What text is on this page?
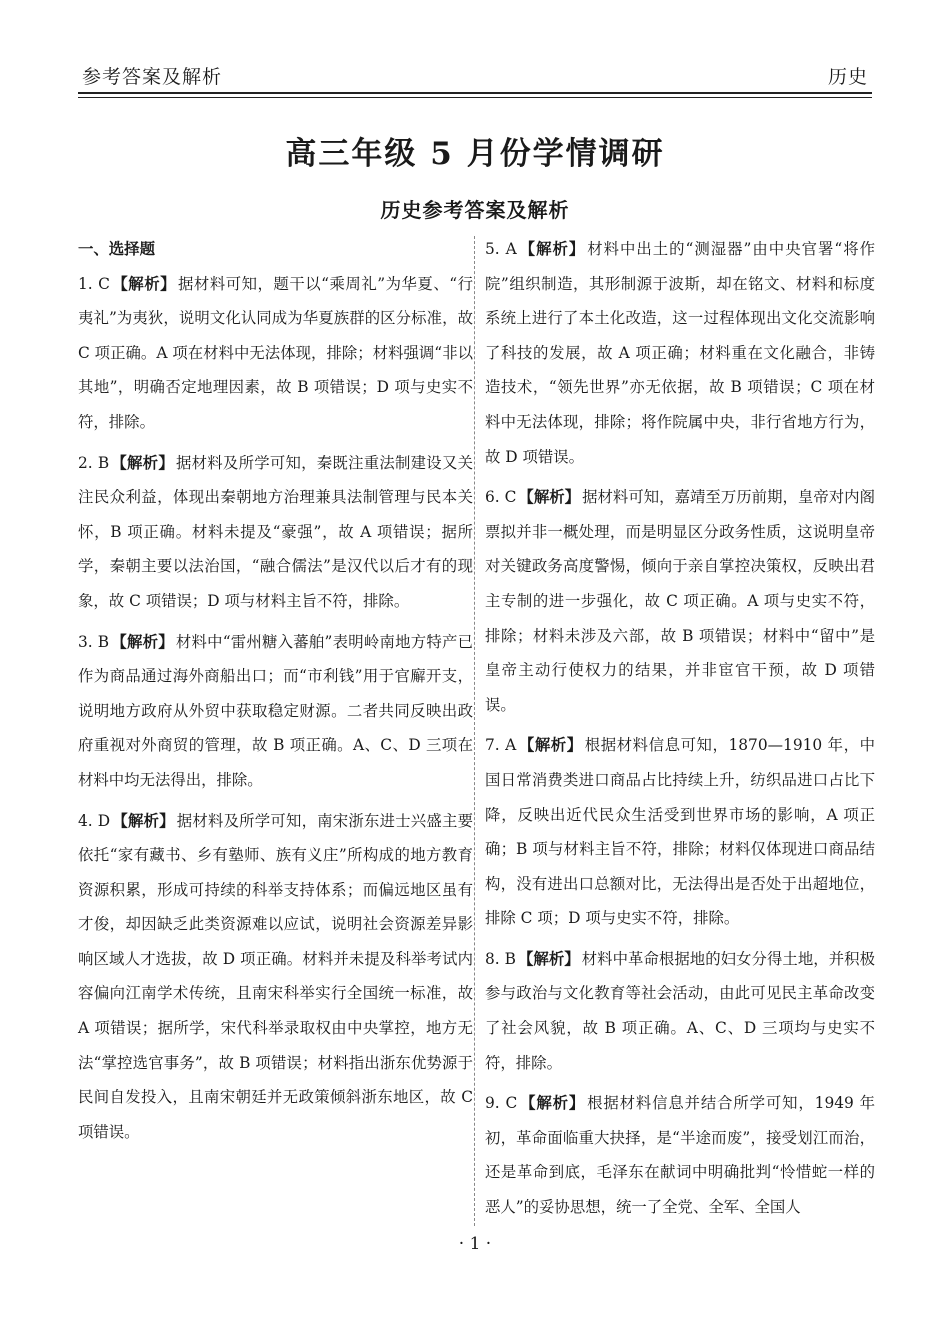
参考答案及解析	历史
高三年级 5 月份学情调研
历史参考答案及解析
一、选择题

1. C 【解析】 据材料可知，题干以“乘周礼”为华夏、“行夷礼”为夷狄，说明文化认同成为华夏族群的区分标准，故 C 项正确。A 项在材料中无法体现，排除；材料强调“非以其地”，明确否定地理因素，故 B 项错误；D 项与史实不符，排除。

2. B 【解析】 据材料及所学可知，秦既注重法制建设又关注民众利益，体现出秦朝地方治理兼具法制管理与民本关怀，B 项正确。材料未提及“豪强”，故 A 项错误；据所学，秦朝主要以法治国，“融合儒法”是汉代以后才有的现象，故 C 项错误；D 项与材料主旨不符，排除。

3. B 【解析】 材料中“雷州糖入蕃舶”表明岭南地方特产已作为商品通过海外商船出口；而“市利钱”用于官廨开支，说明地方政府从外贸中获取稳定财源。二者共同反映出政府重视对外商贸的管理，故 B 项正确。A、C、D 三项在材料中均无法得出，排除。

4. D 【解析】 据材料及所学可知，南宋浙东进士兴盛主要依托“家有藏书、乡有塾师、族有义庄”所构成的地方教育资源积累，形成可持续的科举支持体系；而偏远地区虽有才俊，却因缺乏此类资源难以应试，说明社会资源差异影响区域人才选拔，故 D 项正确。材料并未提及科举考试内容偏向江南学术传统，且南宋科举实行全国统一标准，故 A 项错误；据所学，宋代科举录取权由中央掌控，地方无法“掌控选官事务”，故 B 项错误；材料指出浙东优势源于民间自发投入，且南宋朝廷并无政策倾斜浙东地区，故 C 项错误。

5. A 【解析】 材料中出土的“测湿器”由中央官署“将作院”组织制造，其形制源于波斯，却在铭文、材料和标度系统上进行了本土化改造，这一过程体现出文化交流影响了科技的发展，故 A 项正确；材料重在文化融合，非铸造技术，“领先世界”亦无依据，故 B 项错误；C 项在材料中无法体现，排除；将作院属中央，非行省地方行为，故 D 项错误。

6. C 【解析】 据材料可知，嘉靖至万历前期，皇帝对内阁票拟并非一概处理，而是明显区分政务性质，这说明皇帝对关键政务高度警惕，倾向于亲自掌控决策权，反映出君主专制的进一步强化，故 C 项正确。A 项与史实不符，排除；材料未涉及六部，故 B 项错误；材料中“留中”是皇帝主动行使权力的结果，并非宦官干预，故 D 项错误。

7. A 【解析】 根据材料信息可知，1870—1910 年，中国日常消费类进口商品占比持续上升，纺织品进口占比下降，反映出近代民众生活受到世界市场的影响，A 项正确；B 项与材料主旨不符，排除；材料仅体现进口商品结构，没有进出口总额对比，无法得出是否处于出超地位，排除 C 项；D 项与史实不符，排除。

8. B 【解析】 材料中革命根据地的妇女分得土地，并积极参与政治与文化教育等社会活动，由此可见民主革命改变了社会风貌，故 B 项正确。A、C、D 三项均与史实不符，排除。

9. C 【解析】 根据材料信息并结合所学可知，1949 年初，革命面临重大抉择，是“半途而废”，接受划江而治，还是革命到底，毛泽东在献词中明确批判“怜惜蛇一样的恶人”的妥协思想，统一了全党、全军、全国人

· 1 ·
